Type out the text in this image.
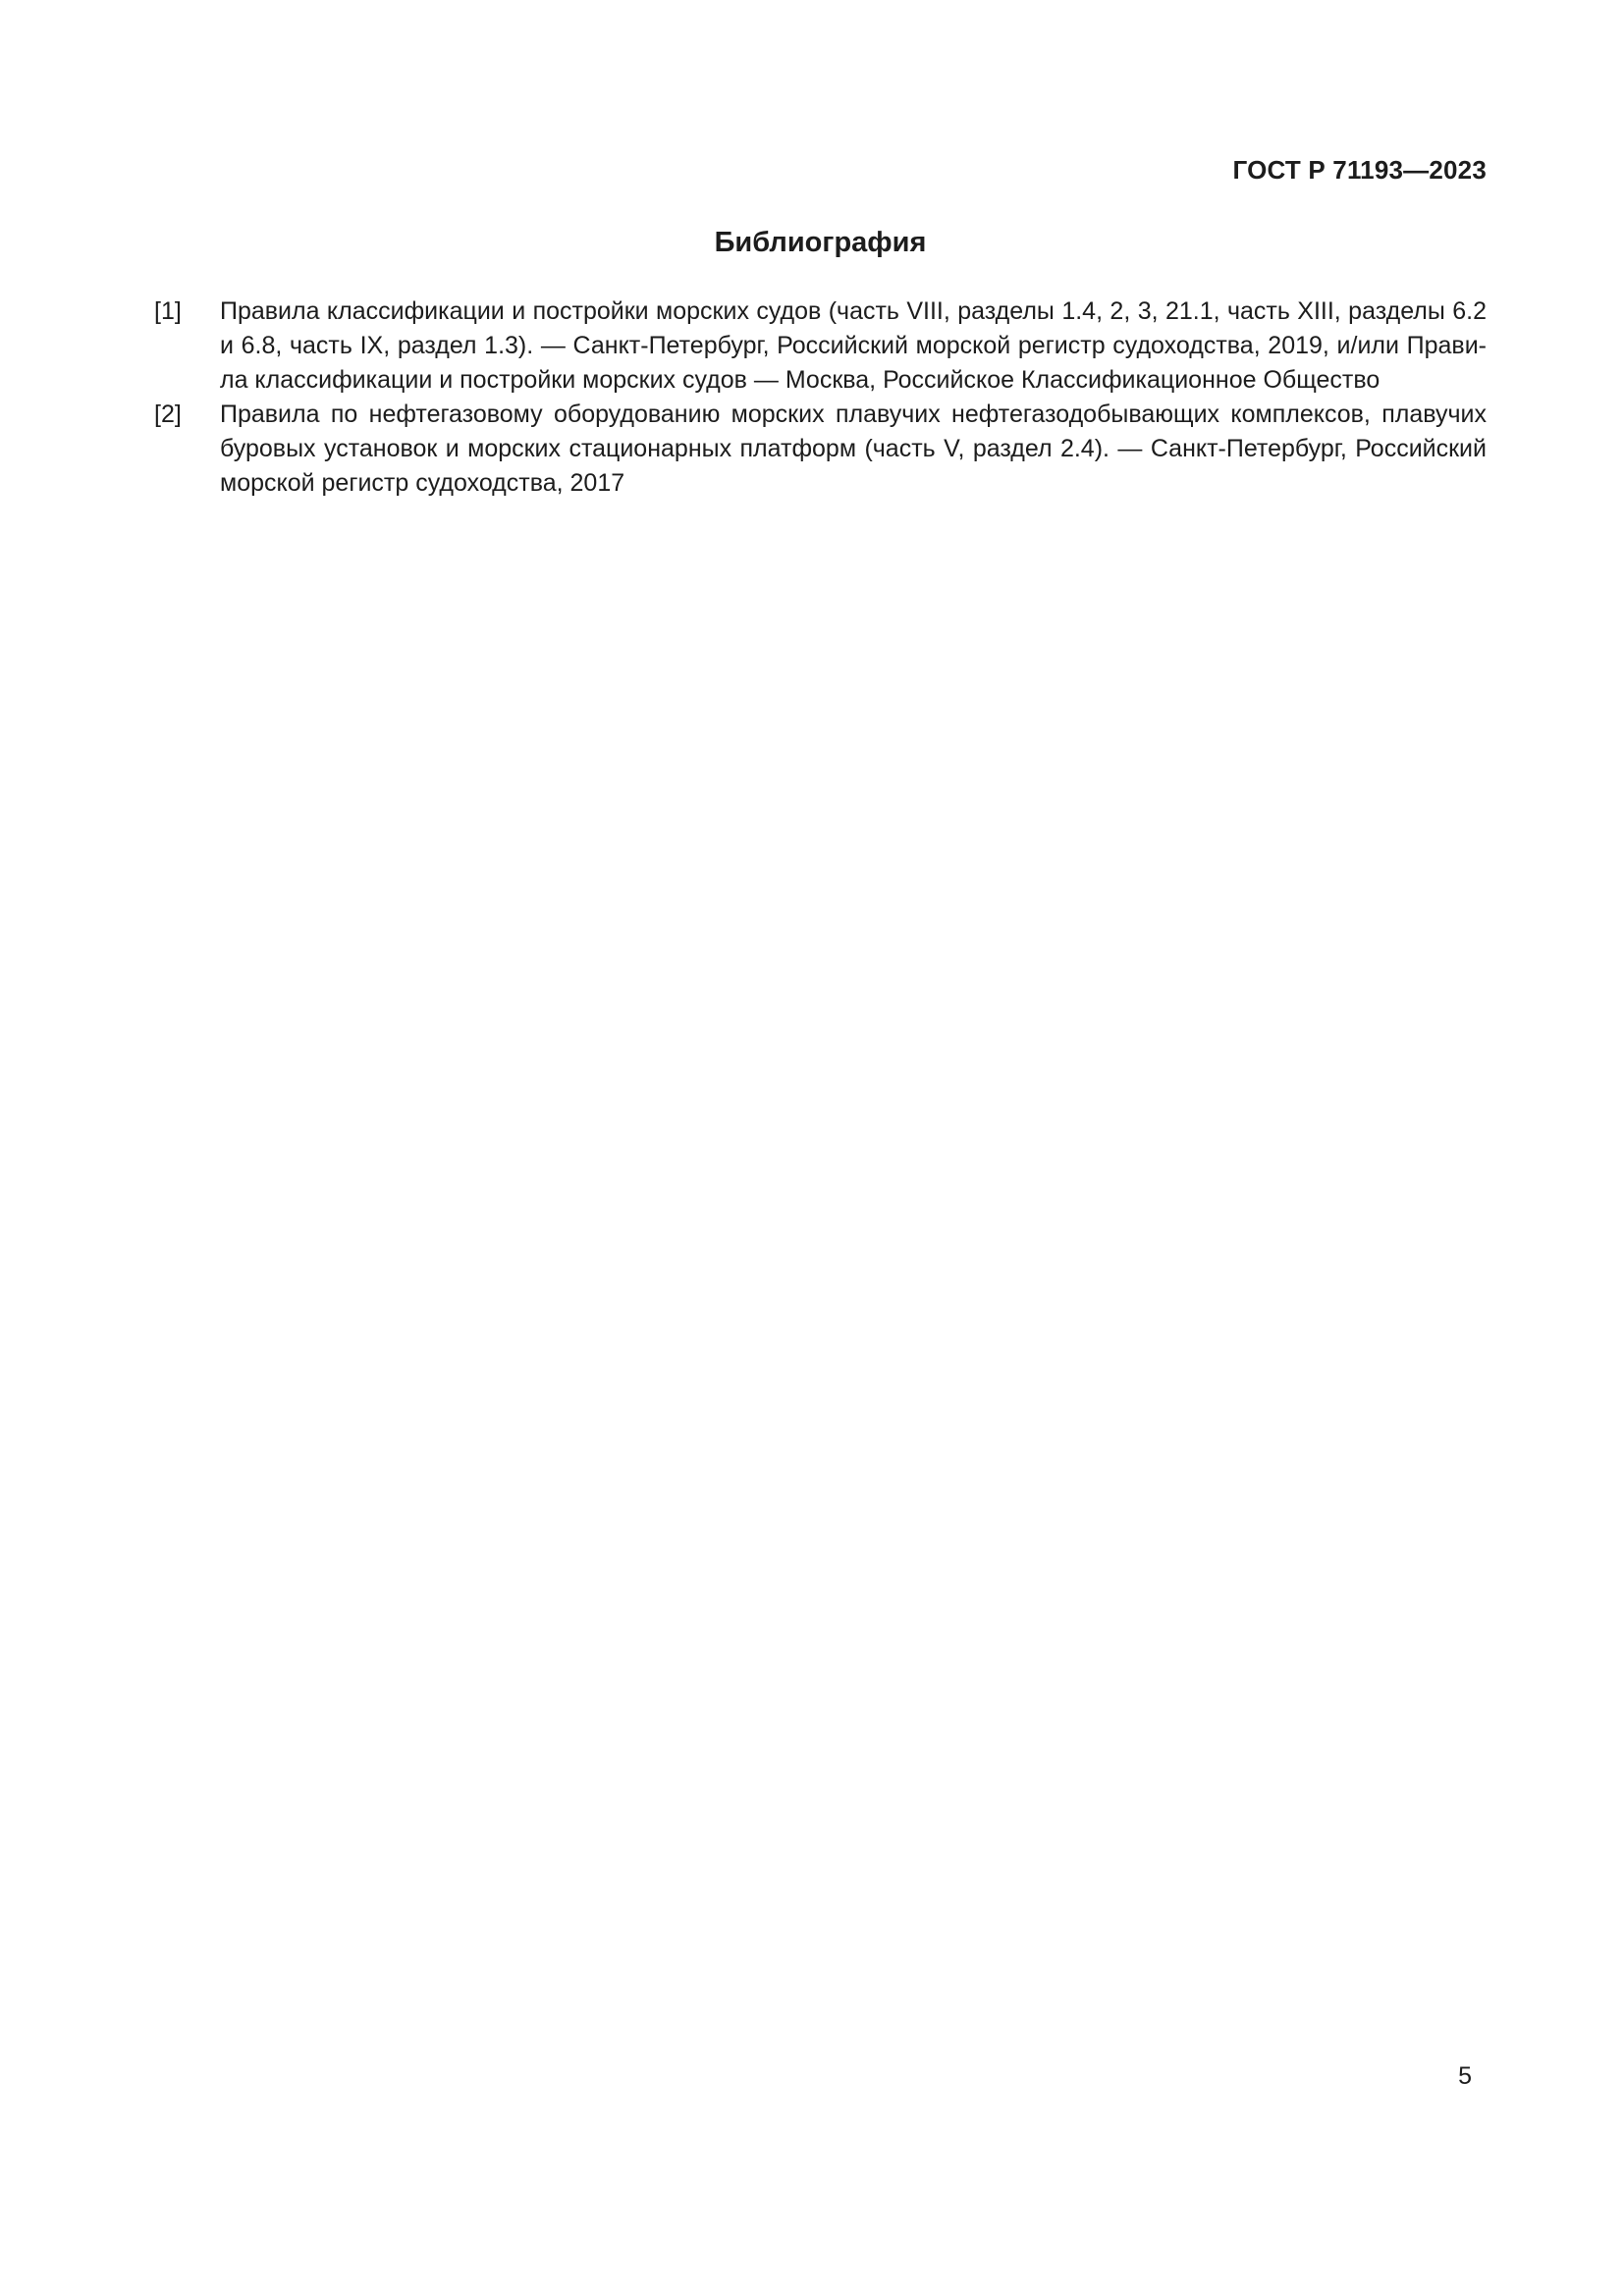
ГОСТ Р 71193—2023
Библиография
[1]	Правила классификации и постройки морских судов (часть VIII, разделы 1.4, 2, 3, 21.1, часть XIII, разделы 6.2
и 6.8, часть IX, раздел 1.3). — Санкт-Петербург, Российский морской регистр судоходства, 2019, и/или Прави-
ла классификации и постройки морских судов — Москва, Российское Классификационное Общество
[2]	Правила по нефтегазовому оборудованию морских плавучих нефтегазодобывающих комплексов, плавучих
буровых установок и морских стационарных платформ (часть V, раздел 2.4). — Санкт-Петербург, Российский
морской регистр судоходства, 2017
5
